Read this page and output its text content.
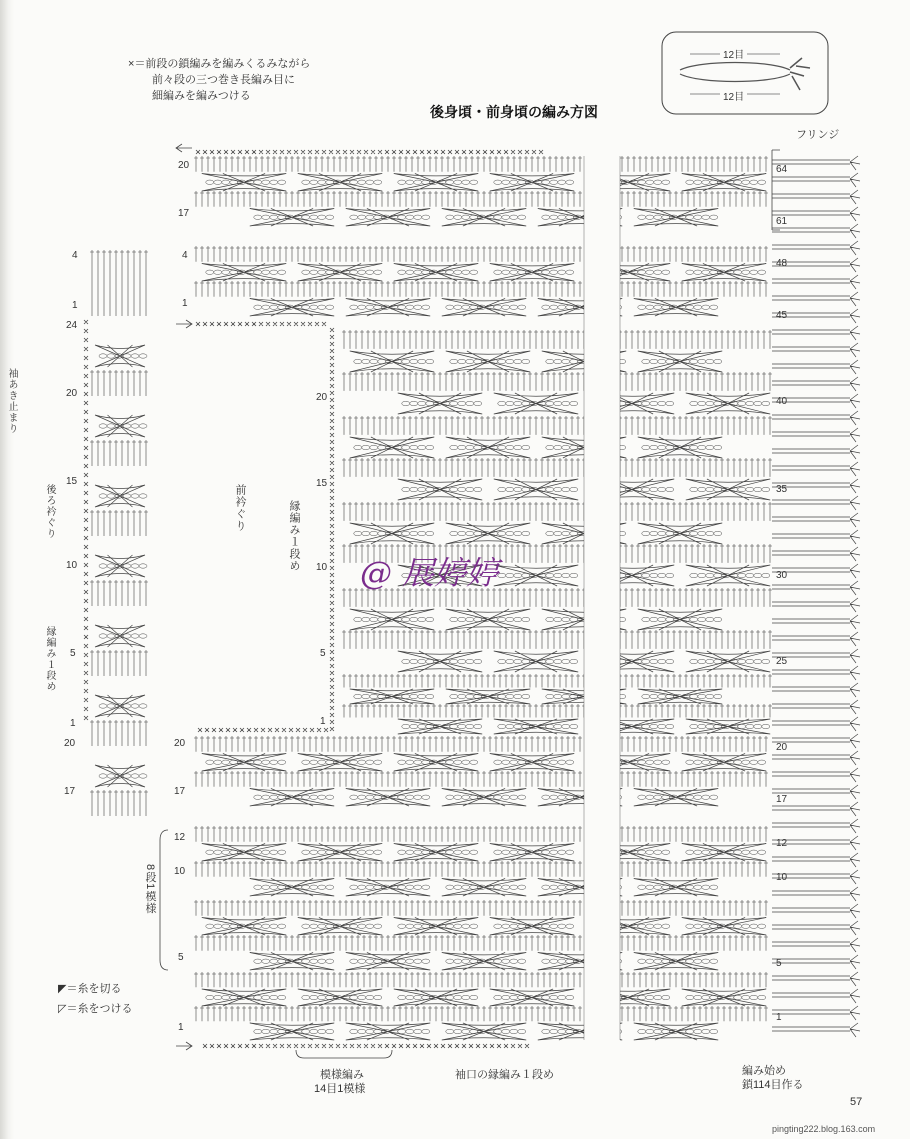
×＝前段の鎖編みを編みくるみながら
前々段の三つ巻き長編み目に
細編みを編みつける
後身頃・前身頃の編み方図
12目
12目
フリンジ
前衿ぐり	縁編み１段め
袖あき止まり
後ろ衿ぐり
縁編み１段め
8段1模様
模様編み
14目1模様
袖口の縁編み１段め	編み始め
鎖114目作る
◤＝糸を切る
◸＝糸をつける
@ 展婷婷
57
pingting222.blog.163.com
4
1
24
20
15
10
5
1
20
17
20
17
4
1
20
15
10
5
1
20
17
12
10
5
1
64
61
48
45
40
35
30
25
20
17
12
10
5
1
